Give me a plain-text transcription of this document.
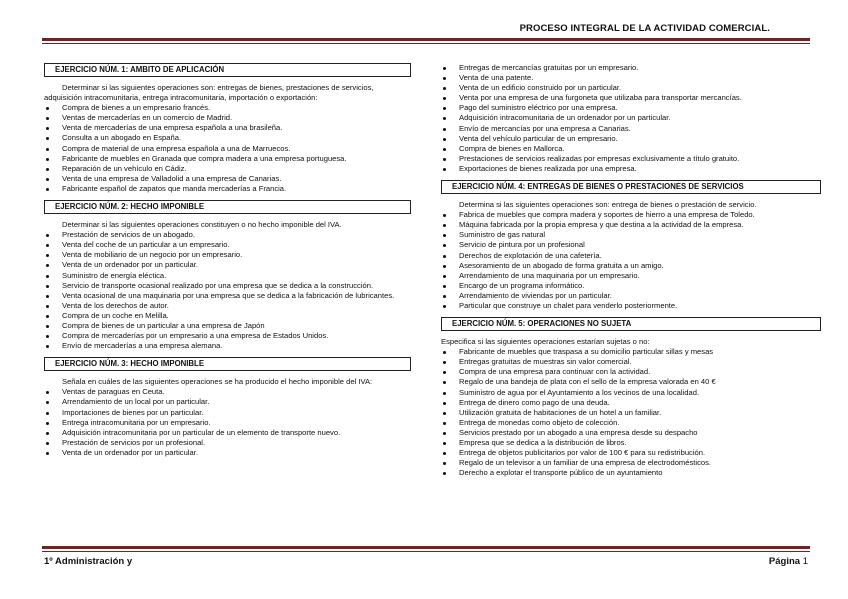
PROCESO INTEGRAL DE LA ACTIVIDAD COMERCIAL.
EJERCICIO NÚM. 1: AMBITO DE APLICACIÓN

Determinar si las siguientes operaciones son: entregas de bienes, prestaciones de servicios, adquisición intracomunitaria, entrega intracomunitaria, importación o exportación:

Compra de bienes a un empresario francés.
Ventas de mercaderías en un comercio de Madrid.
Venta de mercaderías de una empresa española a una brasileña.
Consulta a un abogado en España.
Compra de material de una empresa española a una de Marruecos.
Fabricante de muebles en Granada que compra madera a una empresa portuguesa.
Reparación de un vehículo en Cádiz.
Venta de una empresa de Valladolid a una empresa de Canarias.
Fabricante español de zapatos que manda mercaderías a Francia.
EJERCICIO NÚM. 2: HECHO IMPONIBLE

Determinar si las siguientes operaciones constituyen o no hecho imponible del IVA.

Prestación de servicios de un abogado.
Venta del coche de un particular a un empresario.
Venta de mobiliario de un negocio por un empresario.
Venta de un ordenador por un particular.
Suministro de energía eléctica.
Servicio de transporte ocasional realizado por una empresa que se dedica a la construcción.
Venta ocasional de una maquinaria por una empresa que se dedica a la fabricación de lubricantes.
Venta de los derechos de autor.
Compra de un coche en Melilla.
Compra de bienes de un particular a una empresa de Japón
Compra de mercaderías por un empresario a una empresa de Estados Unidos.
Envío de mercaderías a una empresa alemana.
EJERCICIO NÚM. 3: HECHO IMPONIBLE

Señala en cuáles de las siguientes operaciones se ha producido el hecho imponible del IVA:

Ventas de paraguas en Ceuta.
Arrendamiento de un local por un particular.
Importaciones de bienes por un particular.
Entrega intracomunitaria por un empresario.
Adquisición intracomunitaria por un particular de un elemento de transporte nuevo.
Prestación de servicios por un profesional.
Venta de un ordenador por un particular.
Entregas de mercancías gratuitas por un empresario.
Venta de una patente.
Venta de un edificio construido por un particular.
Venta por una empresa de una furgoneta que utilizaba para transportar mercancías.
Pago del suministro eléctrico por una empresa.
Adquisición intracomunitaria de un ordenador por un particular.
Envío de mercancías por una empresa a Canarias.
Venta del vehículo particular de un empresario.
Compra de bienes en Mallorca.
Prestaciones de servicios realizadas por empresas exclusivamente a título gratuito.
Exportaciones de bienes realizada por una empresa.
EJERCICIO NÚM. 4: ENTREGAS DE BIENES O PRESTACIONES DE SERVICIOS

Determina si las siguientes operaciones son: entrega de bienes o prestación de servicio.

Fabrica de muebles que compra madera y soportes de hierro a una empresa de Toledo.
Máquina fabricada por la propia empresa y que destina a la actividad de la empresa.
Suministro de gas natural
Servicio de pintura por un profesional
Derechos de explotación de una cafetería.
Asesoramiento de un abogado de forma gratuita a un amigo.
Arrendamiento de una maquinaria por un empresario.
Encargo de un programa informático.
Arrendamiento de viviendas por un particular.
Particular que construye un chalet para venderlo posteriormente.
EJERCICIO NÚM. 5: OPERACIONES NO SUJETA

Especifica si las siguientes operaciones estarían sujetas o no:

Fabricante de muebles que traspasa a su domicilio particular sillas y mesas
Entregas gratuitas de muestras sin valor comercial.
Compra de una empresa para continuar con la actividad.
Regalo de una bandeja de plata con el sello de la empresa valorada en 40 €
Suministro de agua por el Ayuntamiento a los vecinos de una localidad.
Entrega de dinero como pago de una deuda.
Utilización gratuita de habitaciones de un hotel a un familiar.
Entrega de monedas como objeto de colección.
Servicios prestado por un abogado a una empresa desde su despacho
Empresa que se dedica a la distribución de libros.
Entrega de objetos publicitarios por valor de 100 € para su redistribución.
Regalo de un televisor a un familiar de una empresa de electrodomésticos.
Derecho a explotar el transporte público de un ayuntamiento
1º Administración y	Página 1
